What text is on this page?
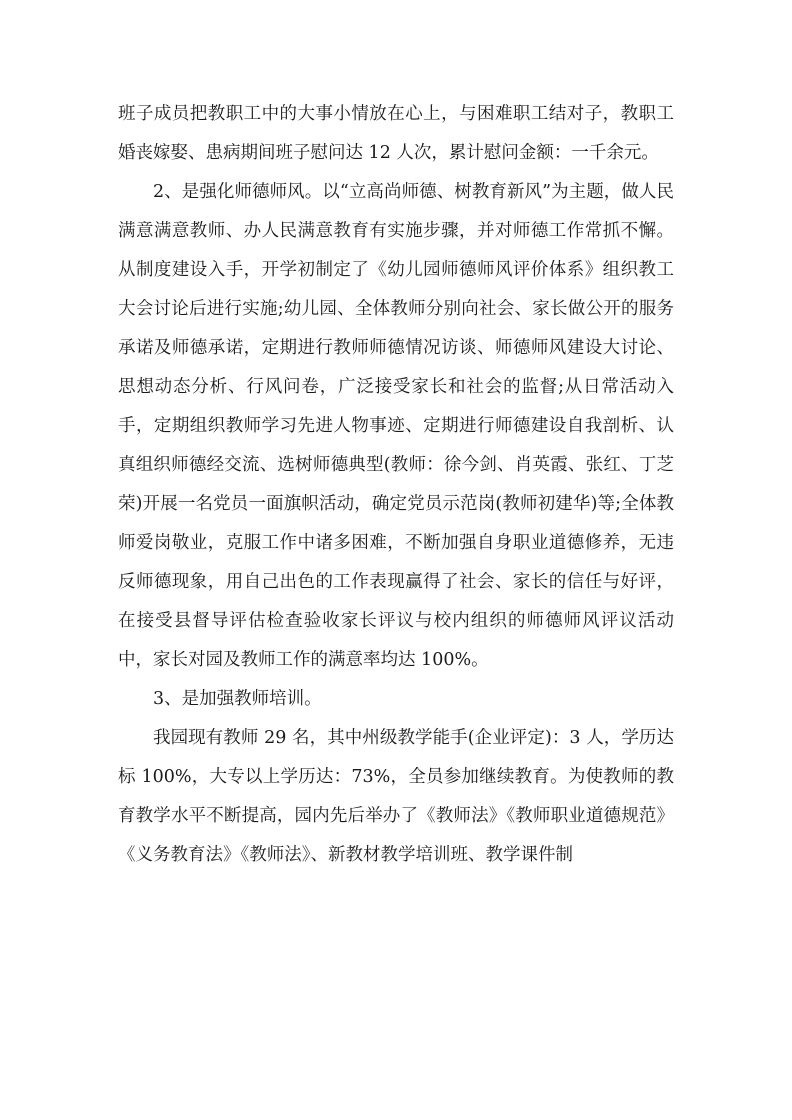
班子成员把教职工中的大事小情放在心上，与困难职工结对子，教职工婚丧嫁娶、患病期间班子慰问达 12 人次，累计慰问金额：一千余元。

2、是强化师德师风。以“立高尚师德、树教育新风”为主题，做人民满意满意教师、办人民满意教育有实施步骤，并对师德工作常抓不懈。从制度建设入手，开学初制定了《幼儿园师德师风评价体系》组织教工大会讨论后进行实施;幼儿园、全体教师分别向社会、家长做公开的服务承诺及师德承诺，定期进行教师师德情况访谈、师德师风建设大讨论、思想动态分析、行风问卷，广泛接受家长和社会的监督;从日常活动入手，定期组织教师学习先进人物事迹、定期进行师德建设自我剖析、认真组织师德经交流、选树师德典型(教师：徐今剑、肖英霞、张红、丁芝荣)开展一名党员一面旗帜活动，确定党员示范岗(教师初建华)等;全体教师爱岗敬业，克服工作中诸多困难，不断加强自身职业道德修养，无违反师德现象，用自己出色的工作表现赢得了社会、家长的信任与好评，在接受县督导评估检查验收家长评议与校内组织的师德师风评议活动中，家长对园及教师工作的满意率均达 100%。

3、是加强教师培训。

我园现有教师 29 名，其中州级教学能手(企业评定)：3 人，学历达标 100%，大专以上学历达：73%，全员参加继续教育。为使教师的教育教学水平不断提高，园内先后举办了《教师法》《教师职业道德规范》《义务教育法》《教师法》、新教材教学培训班、教学课件制
